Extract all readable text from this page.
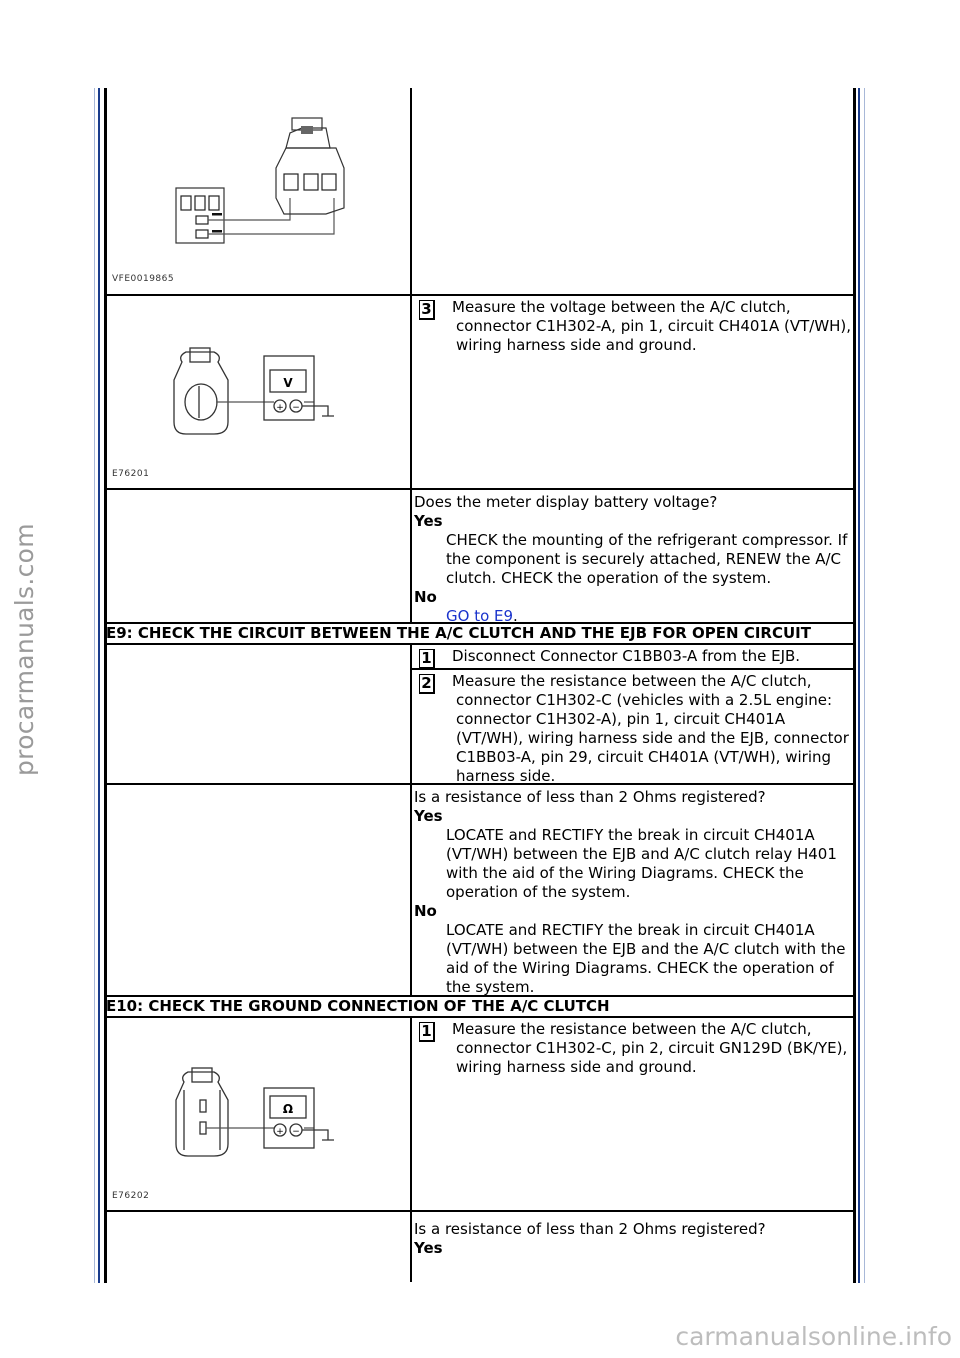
procarmanuals.com
carmanualsonline.info
VFE0019865
V
+ −
E76201
3 Measure the voltage between the A/C clutch, connector C1H302-A, pin 1, circuit CH401A (VT/WH), wiring harness side and ground.
Does the meter display battery voltage?
Yes
CHECK the mounting of the refrigerant compressor. If the component is securely attached, RENEW the A/C clutch. CHECK the operation of the system.
No
GO to E9.
E9: CHECK THE CIRCUIT BETWEEN THE A/C CLUTCH AND THE EJB FOR OPEN CIRCUIT
1 Disconnect Connector C1BB03-A from the EJB.
2 Measure the resistance between the A/C clutch, connector C1H302-C (vehicles with a 2.5L engine: connector C1H302-A), pin 1, circuit CH401A (VT/WH), wiring harness side and the EJB, connector C1BB03-A, pin 29, circuit CH401A (VT/WH), wiring harness side.
Is a resistance of less than 2 Ohms registered?
Yes
LOCATE and RECTIFY the break in circuit CH401A (VT/WH) between the EJB and A/C clutch relay H401 with the aid of the Wiring Diagrams. CHECK the operation of the system.
No
LOCATE and RECTIFY the break in circuit CH401A (VT/WH) between the EJB and the A/C clutch with the aid of the Wiring Diagrams. CHECK the operation of the system.
E10: CHECK THE GROUND CONNECTION OF THE A/C CLUTCH
Ω
+ −
E76202
1 Measure the resistance between the A/C clutch, connector C1H302-C, pin 2, circuit GN129D (BK/YE), wiring harness side and ground.
Is a resistance of less than 2 Ohms registered?
Yes
